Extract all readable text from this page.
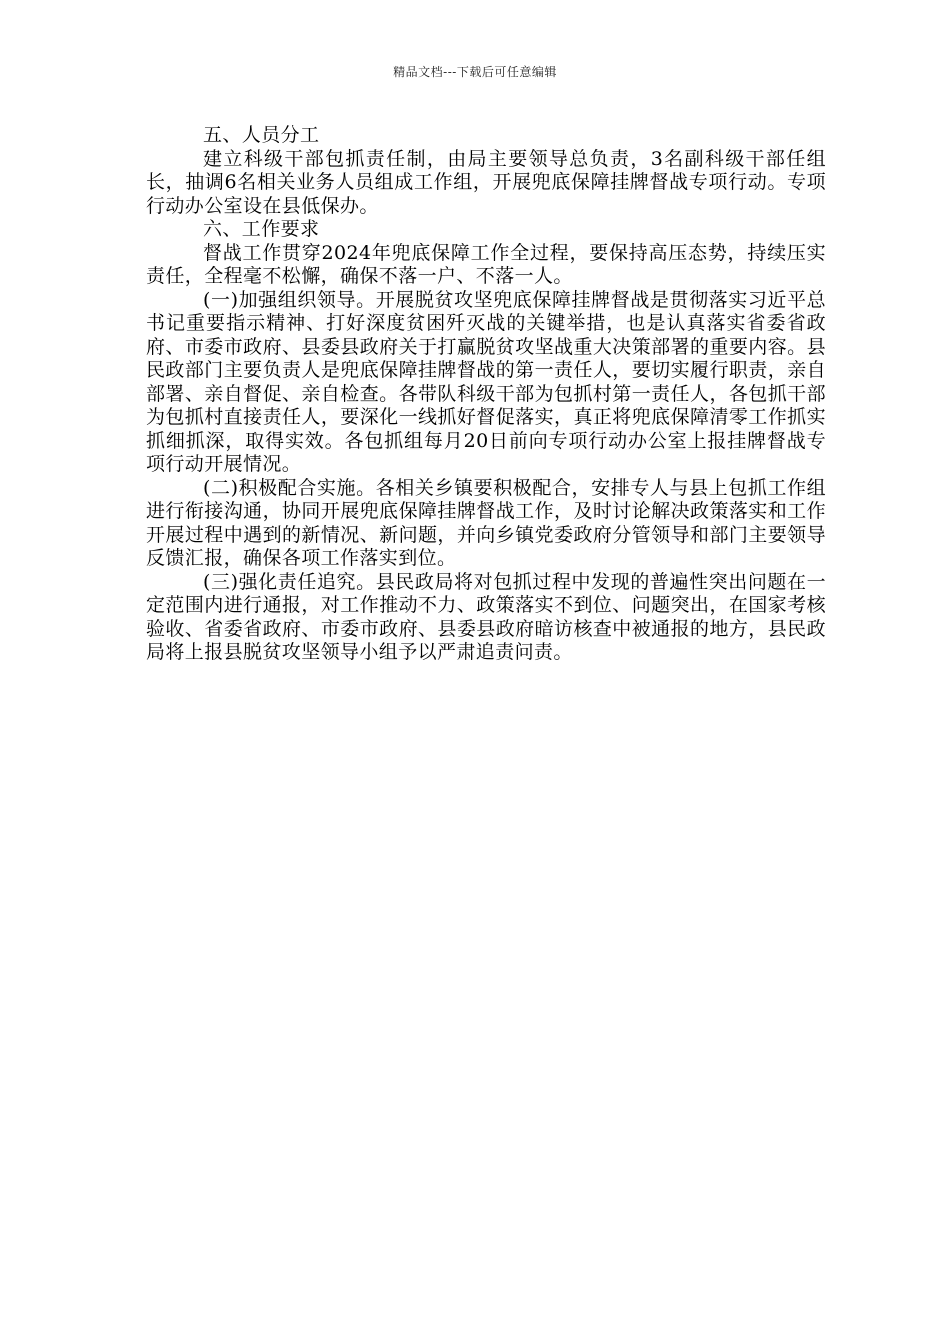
精品文档---下载后可任意编辑

五、人员分工

建立科级干部包抓责任制，由局主要领导总负责，3名副科级干部任组长，抽调6名相关业务人员组成工作组，开展兜底保障挂牌督战专项行动。专项行动办公室设在县低保办。

六、工作要求

督战工作贯穿2024年兜底保障工作全过程，要保持高压态势，持续压实责任，全程毫不松懈，确保不落一户、不落一人。

(一)加强组织领导。开展脱贫攻坚兜底保障挂牌督战是贯彻落实习近平总书记重要指示精神、打好深度贫困歼灭战的关键举措，也是认真落实省委省政府、市委市政府、县委县政府关于打赢脱贫攻坚战重大决策部署的重要内容。县民政部门主要负责人是兜底保障挂牌督战的第一责任人，要切实履行职责，亲自部署、亲自督促、亲自检查。各带队科级干部为包抓村第一责任人，各包抓干部为包抓村直接责任人，要深化一线抓好督促落实，真正将兜底保障清零工作抓实抓细抓深，取得实效。各包抓组每月20日前向专项行动办公室上报挂牌督战专项行动开展情况。

(二)积极配合实施。各相关乡镇要积极配合，安排专人与县上包抓工作组进行衔接沟通，协同开展兜底保障挂牌督战工作，及时讨论解决政策落实和工作开展过程中遇到的新情况、新问题，并向乡镇党委政府分管领导和部门主要领导反馈汇报，确保各项工作落实到位。

(三)强化责任追究。县民政局将对包抓过程中发现的普遍性突出问题在一定范围内进行通报，对工作推动不力、政策落实不到位、问题突出，在国家考核验收、省委省政府、市委市政府、县委县政府暗访核查中被通报的地方，县民政局将上报县脱贫攻坚领导小组予以严肃追责问责。
